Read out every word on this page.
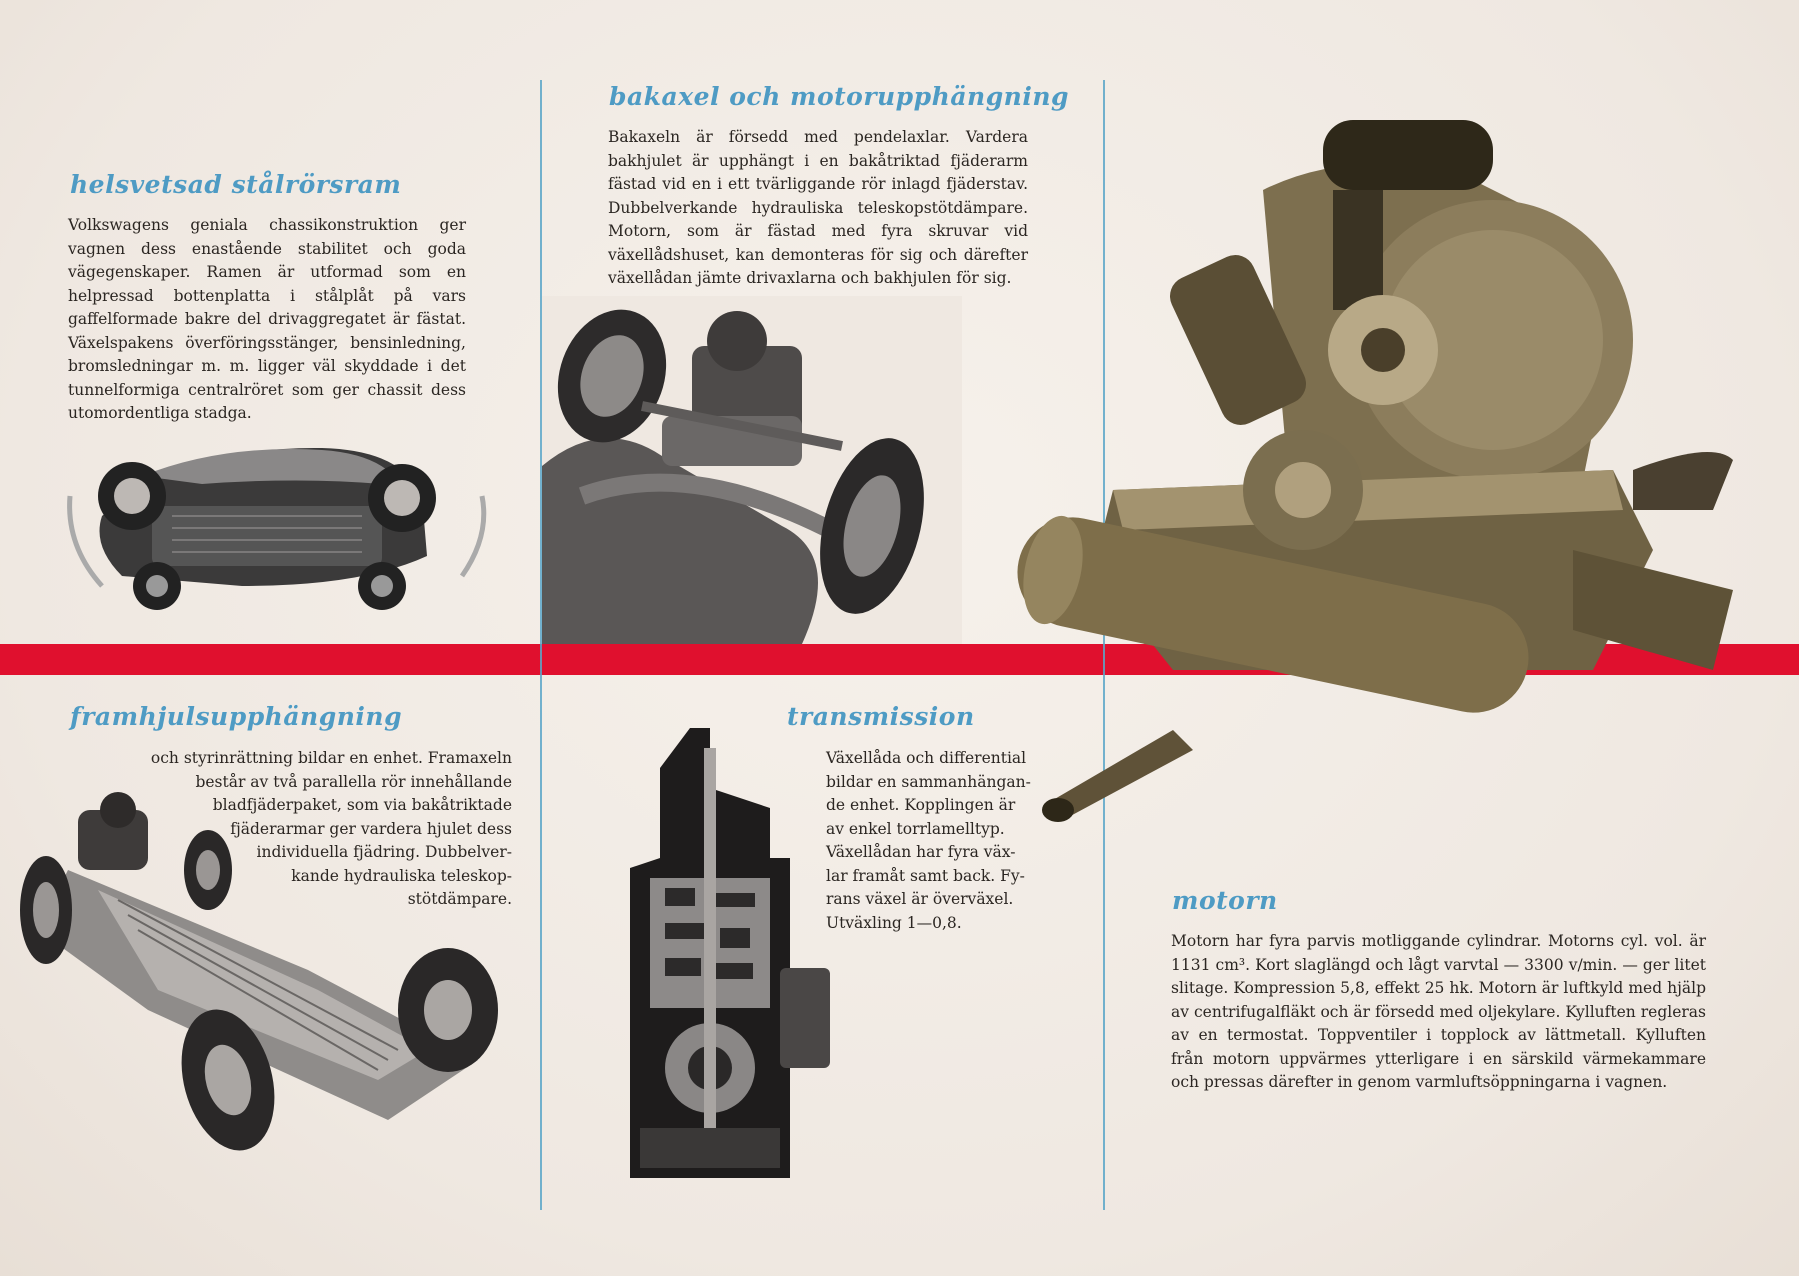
helsvetsad stålrörsram

Volkswagens geniala chassikonstruktion ger vagnen dess enastående stabilitet och goda vägegenskaper. Ramen är utformad som en helpressad bottenplatta i stålplåt på vars gaffelformade bakre del drivaggregatet är fästat. Växelspakens överföringsstänger, bensinledning, bromsledningar m. m. ligger väl skyddade i det tunnelformiga centralröret som ger chassit dess utomordentliga stadga.

bakaxel och motorupphängning

Bakaxeln är försedd med pendelaxlar. Vardera bakhjulet är upphängt i en bakåtriktad fjäderarm fästad vid en i ett tvärliggande rör inlagd fjäderstav. Dubbelverkande hydrauliska teleskopstötdämpare. Motorn, som är fästad med fyra skruvar vid växellådshuset, kan demonteras för sig och därefter växellådan jämte drivaxlarna och bakhjulen för sig.

framhjulsupphängning

och styrinrättning bildar en enhet. Framaxeln
består av två parallella rör innehållande
bladfjäderpaket, som via bakåtriktade
fjäderarmar ger vardera hjulet dess
individuella fjädring. Dubbelver-
kande hydrauliska teleskop-
stötdämpare.

transmission

Växellåda och differential
bildar en sammanhängan-
de enhet. Kopplingen är
av enkel torrlamelltyp.
Växellådan har fyra väx-
lar framåt samt back. Fy-
rans växel är överväxel.
Utväxling 1—0,8.

motorn

Motorn har fyra parvis motliggande cylindrar. Motorns cyl. vol. är 1131 cm³. Kort slaglängd och lågt varvtal — 3300 v/min. — ger litet slitage. Kompression 5,8, effekt 25 hk. Motorn är luftkyld med hjälp av centrifugalfläkt och är försedd med oljekylare. Kylluften regleras av en termostat. Toppventiler i topplock av lättmetall. Kylluften från motorn uppvärmes ytterligare i en särskild värmekammare och pressas därefter in genom varmluftsöppningarna i vagnen.
